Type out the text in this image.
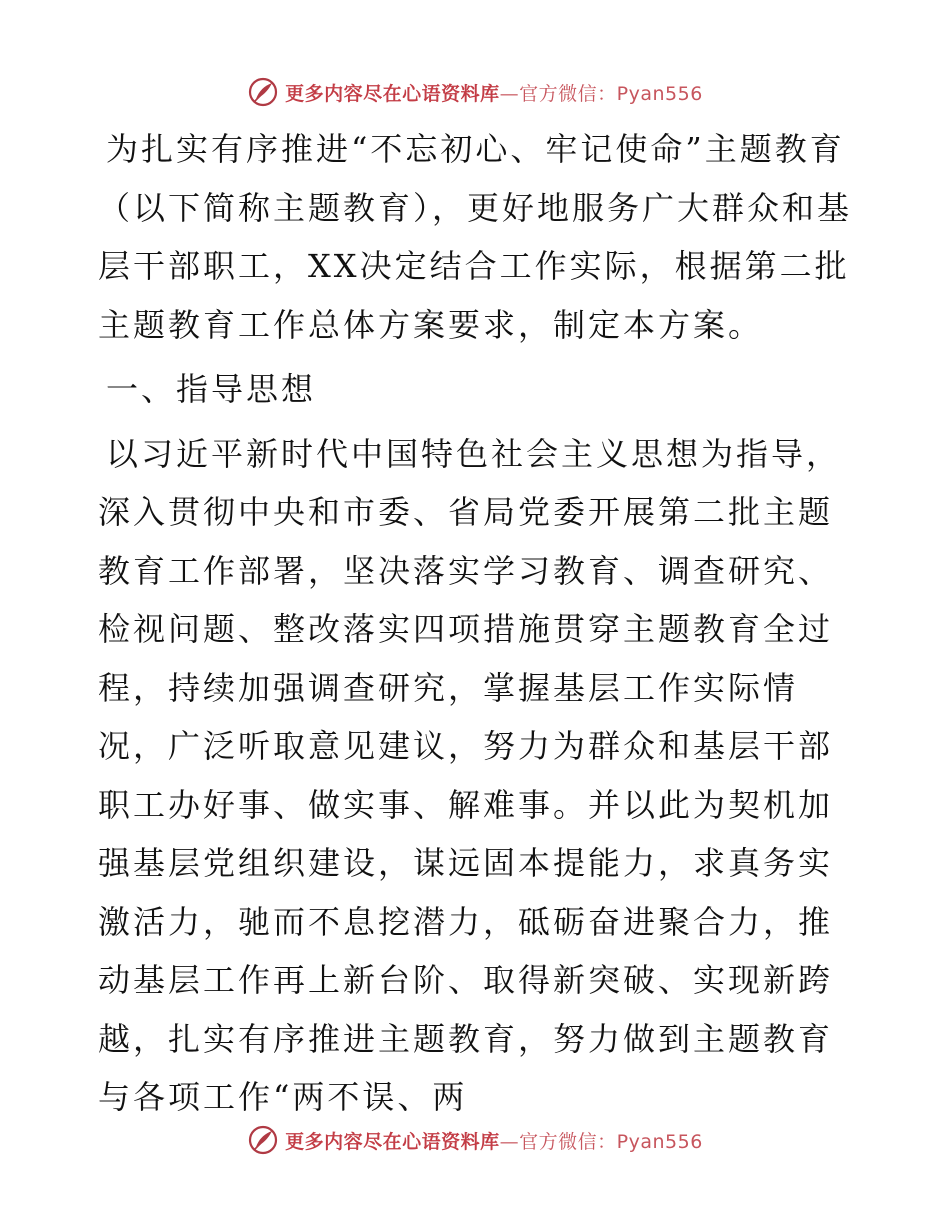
更多内容尽在心语资料库—官方微信：Pyan556

为扎实有序推进“不忘初心、牢记使命”主题教育（以下简称主题教育），更好地服务广大群众和基层干部职工，XX决定结合工作实际，根据第二批主题教育工作总体方案要求，制定本方案。

一、指导思想

以习近平新时代中国特色社会主义思想为指导，深入贯彻中央和市委、省局党委开展第二批主题教育工作部署，坚决落实学习教育、调查研究、检视问题、整改落实四项措施贯穿主题教育全过程，持续加强调查研究，掌握基层工作实际情况，广泛听取意见建议，努力为群众和基层干部职工办好事、做实事、解难事。并以此为契机加强基层党组织建设，谋远固本提能力，求真务实激活力，驰而不息挖潜力，砥砺奋进聚合力，推动基层工作再上新台阶、取得新突破、实现新跨越，扎实有序推进主题教育，努力做到主题教育与各项工作“两不误、两

更多内容尽在心语资料库—官方微信：Pyan556
